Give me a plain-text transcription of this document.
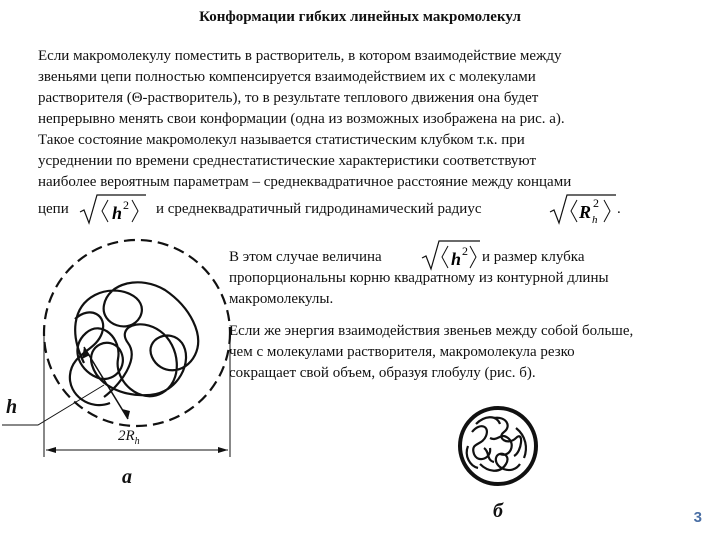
Конформации гибких линейных макромолекул
Если макромолекулу поместить в растворитель, в котором взаимодействие между
звеньями цепи полностью компенсируется взаимодействием их с молекулами
растворителя (Θ-растворитель), то в результате теплового движения она будет
непрерывно менять свои конформации (одна из возможных изображена на рис. а).
Такое состояние макромолекул называется статистическим клубком т.к. при
усреднении по времени среднестатистические характеристики соответствуют
наиболее вероятным параметрам – среднеквадратичное расстояние между концами
цепи h 2 и среднеквадратичный гидродинамический радиус	R h
2 .
В этом случае величина	h 2 и размер клубка
пропорциональны корню квадратному из контурной длины
макромолекулы.
Если же энергия взаимодействия звеньев между собой больше,
чем с молекулами растворителя, макромолекула резко
сокращает свой объем, образуя глобулу (рис. б).
h
$2R_h$
а
б	3
